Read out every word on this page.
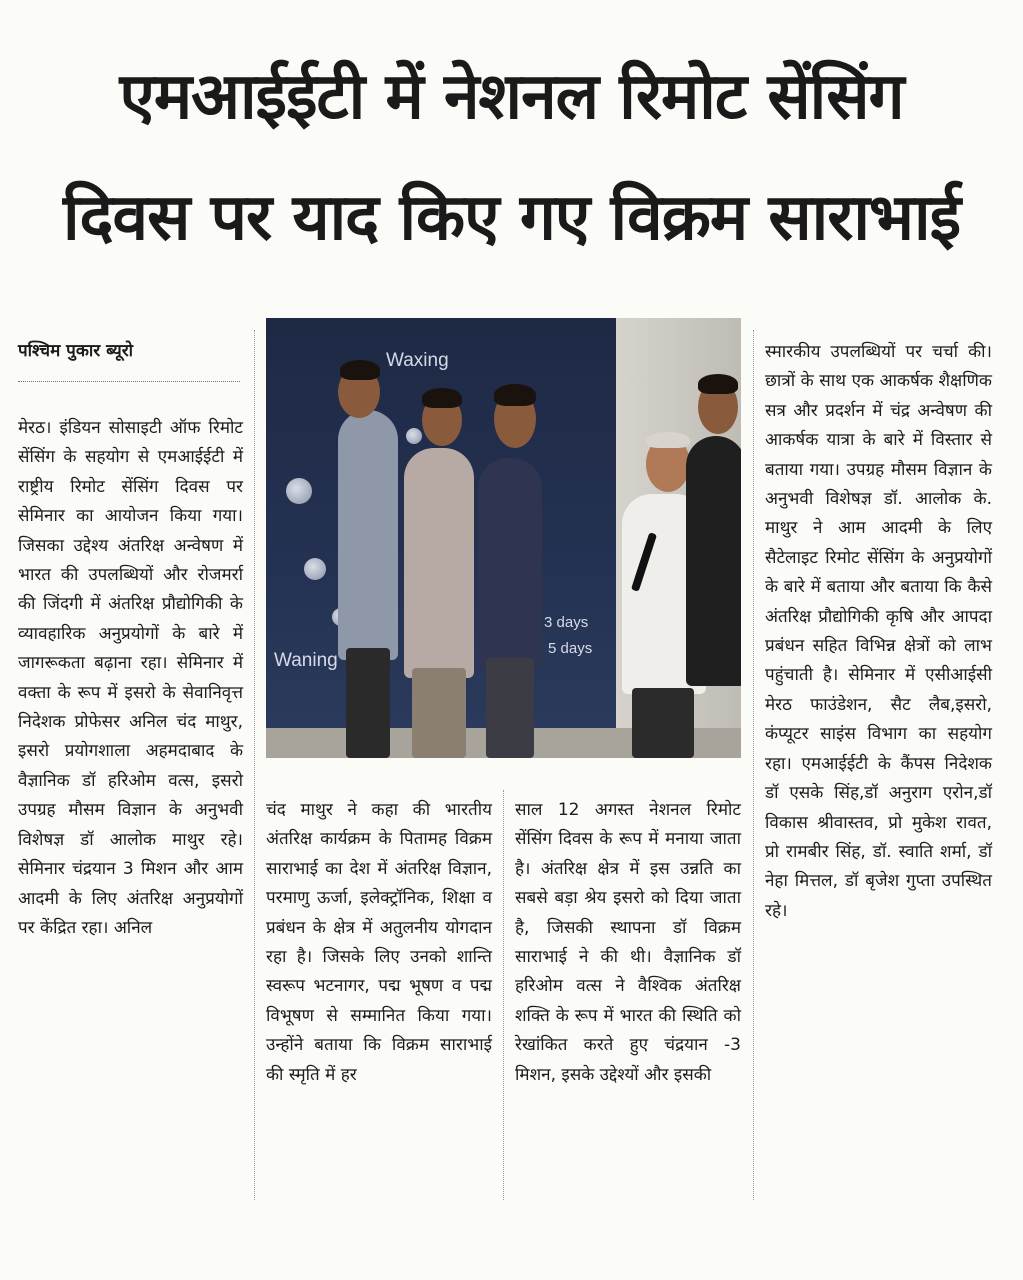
एमआईईटी में नेशनल रिमोट सेंसिंग
दिवस पर याद किए गए विक्रम साराभाई
पश्चिम पुकार ब्यूरो
मेरठ। इंडियन सोसाइटी ऑफ रिमोट सेंसिंग के सहयोग से एमआईईटी में राष्ट्रीय रिमोट सेंसिंग दिवस पर सेमिनार का आयोजन किया गया। जिसका उद्देश्य अंतरिक्ष अन्वेषण में भारत की उपलब्धियों और रोजमर्रा की जिंदगी में अंतरिक्ष प्रौद्योगिकी के व्यावहारिक अनुप्रयोगों के बारे में जागरूकता बढ़ाना रहा। सेमिनार में वक्ता के रूप में इसरो के सेवानिवृत्त निदेशक प्रोफेसर अनिल चंद माथुर, इसरो प्रयोगशाला अहमदाबाद के वैज्ञानिक डॉ हरिओम वत्स, इसरो उपग्रह मौसम विज्ञान के अनुभवी विशेषज्ञ डॉ आलोक माथुर रहे। सेमिनार चंद्रयान 3 मिशन और आम आदमी के लिए अंतरिक्ष अनुप्रयोगों पर केंद्रित रहा। अनिल
चंद माथुर ने कहा की भारतीय अंतरिक्ष कार्यक्रम के पितामह विक्रम साराभाई का देश में अंतरिक्ष विज्ञान, परमाणु ऊर्जा, इलेक्ट्रॉनिक, शिक्षा व प्रबंधन के क्षेत्र में अतुलनीय योगदान रहा है। जिसके लिए उनको शान्ति स्वरूप भटनागर, पद्म भूषण व पद्म विभूषण से सम्मानित किया गया। उन्होंने बताया कि विक्रम साराभाई की स्मृति में हर
साल 12 अगस्त नेशनल रिमोट सेंसिंग दिवस के रूप में मनाया जाता है। अंतरिक्ष क्षेत्र में इस उन्नति का सबसे बड़ा श्रेय इसरो को दिया जाता है, जिसकी स्थापना डॉ विक्रम साराभाई ने की थी। वैज्ञानिक डॉ हरिओम वत्स ने वैश्विक अंतरिक्ष शक्ति के रूप में भारत की स्थिति को रेखांकित करते हुए चंद्रयान -3 मिशन, इसके उद्देश्यों और इसकी
स्मारकीय उपलब्धियों पर चर्चा की। छात्रों के साथ एक आकर्षक शैक्षणिक सत्र और प्रदर्शन में चंद्र अन्वेषण की आकर्षक यात्रा के बारे में विस्तार से बताया गया। उपग्रह मौसम विज्ञान के अनुभवी विशेषज्ञ डॉ. आलोक के. माथुर ने आम आदमी के लिए सैटेलाइट रिमोट सेंसिंग के अनुप्रयोगों के बारे में बताया और बताया कि कैसे अंतरिक्ष प्रौद्योगिकी कृषि और आपदा प्रबंधन सहित विभिन्न क्षेत्रों को लाभ पहुंचाती है। सेमिनार में एसीआईसी मेरठ फाउंडेशन, सैट लैब,इसरो, कंप्यूटर साइंस विभाग का सहयोग रहा। एमआईईटी के कैंपस निदेशक डॉ एसके सिंह,डॉ अनुराग एरोन,डॉ विकास श्रीवास्तव, प्रो मुकेश रावत, प्रो रामबीर सिंह, डॉ. स्वाति शर्मा, डॉ नेहा मित्तल, डॉ बृजेश गुप्ता उपस्थित रहे।
Waxing
Waning
3 days
5 days
